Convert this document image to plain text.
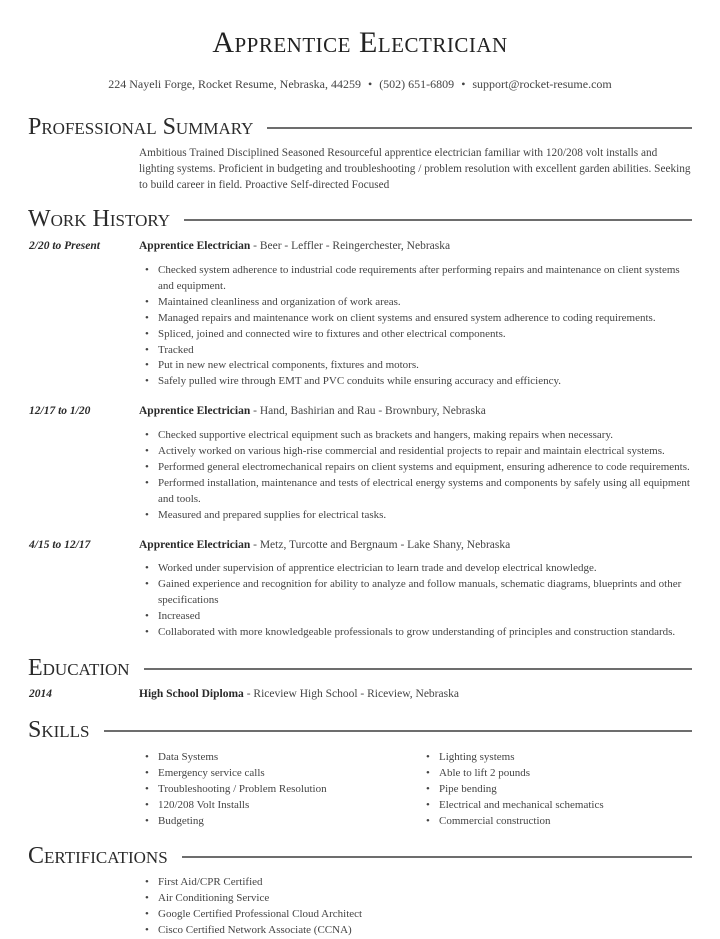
Apprentice Electrician
224 Nayeli Forge, Rocket Resume, Nebraska, 44259 • (502) 651-6809 • support@rocket-resume.com
Professional Summary
Ambitious Trained Disciplined Seasoned Resourceful apprentice electrician familiar with 120/208 volt installs and lighting systems. Proficient in budgeting and troubleshooting / problem resolution with excellent garden abilities. Seeking to build career in field. Proactive Self-directed Focused
Work History
2/20 to Present	Apprentice Electrician - Beer - Leffler - Reingerchester, Nebraska
• Checked system adherence to industrial code requirements after performing repairs and maintenance on client systems and equipment.
• Maintained cleanliness and organization of work areas.
• Managed repairs and maintenance work on client systems and ensured system adherence to coding requirements.
• Spliced, joined and connected wire to fixtures and other electrical components.
• Tracked
• Put in new new electrical components, fixtures and motors.
• Safely pulled wire through EMT and PVC conduits while ensuring accuracy and efficiency.
12/17 to 1/20	Apprentice Electrician - Hand, Bashirian and Rau - Brownbury, Nebraska
• Checked supportive electrical equipment such as brackets and hangers, making repairs when necessary.
• Actively worked on various high-rise commercial and residential projects to repair and maintain electrical systems.
• Performed general electromechanical repairs on client systems and equipment, ensuring adherence to code requirements.
• Performed installation, maintenance and tests of electrical energy systems and components by safely using all equipment and tools.
• Measured and prepared supplies for electrical tasks.
4/15 to 12/17	Apprentice Electrician - Metz, Turcotte and Bergnaum - Lake Shany, Nebraska
• Worked under supervision of apprentice electrician to learn trade and develop electrical knowledge.
• Gained experience and recognition for ability to analyze and follow manuals, schematic diagrams, blueprints and other specifications
• Increased
• Collaborated with more knowledgeable professionals to grow understanding of principles and construction standards.
Education
2014	High School Diploma - Riceview High School - Riceview, Nebraska
Skills
• Data Systems
• Emergency service calls
• Troubleshooting / Problem Resolution
• 120/208 Volt Installs
• Budgeting
• Lighting systems
• Able to lift 2 pounds
• Pipe bending
• Electrical and mechanical schematics
• Commercial construction
Certifications
• First Aid/CPR Certified
• Air Conditioning Service
• Google Certified Professional Cloud Architect
• Cisco Certified Network Associate (CCNA)
